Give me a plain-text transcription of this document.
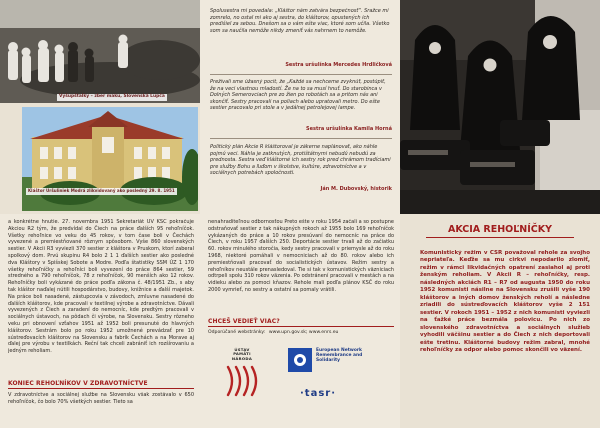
Vyšupštalky – zber maku, Slovenská Lupča
Kláštor Uršuliniek Modrá zlikvidovaný ako posledný 29. 8. 1951
Spolusestra mi povedala: „Kláštor nám zatvára bezpečnosť“. Sražce mi zomrelo, no ostal mi ako aj sestra, do kláštorov, opustených ich predišiel za sebou. Dnešom sa o vám ešte viac, ktoré som učila. Všetko som sa naučila nemôže nikdy zmeniť vás nahrnem to nemôže.
Sestra uršulínka Mercedes Hrdličková
Prežívali sme úžasný pocit, že „Každé sa nechceme zvyknúť, postúpiť, že na veci vlastnou mladostí. Že na to sa musí hnuť. Do starobinca v Dolných Semerovciach pre zo žien po robotách sa a pritom nás ani skončiť. Sestry pracovali na poliach alebo upratovali metro. Do ešte sestier pracovalo pri stole a v jedálnej petrolejovej lampe.
Sestra uršulínka Kamila Horná
Politický plán Akcie R kláštoroval je zákerne naplánovať, ako náhle pojmú veci. Náhla je zatknutých, protištátnymi nebudú nebudú za prednosta. Sestra veď kláštorné ich sestry rok pred chrámom tradíciami pre služby Bohu a ľuďom v školstve, kultúre, zdravotníctve a v sociálnych potrebách spoločnosti.
Ján M. Dubovský, historik
a konkrétne hnutie. 27. novembra 1951 Sekretariát ÚV KSČ pokračuje Akciou R2 tým, že predvídal do Čiech na práce ďalších 95 rehoľníčok. Všetky rehoľnice vo veku do 45 rokov, v tom čase boli v Čechách vyvezené a premiestňované rôznym spôsobom. Vyše 860 slovenských sestier. V Akcii R3 vyviezli 370 sestier z kláštora v Pruskom, ktorí zaberal spolkový dom. Prvú skupinu R4 bolo 2 1 1 ďalších sestier ako posledné dva Kláštory v Spišskej Sobote a Modre. Podľa štatistiky SSM ÚZ 1 170 všetky rehoľníčky a rehoľníci boli vyvezení do práce 864 sestier, 59 stredného a 790 rehoľníčok, 78 z rehoľníčok, 90 menších ako 12 rokov. Rehoľníčky boli vykázané do práce podľa zákona č. 48/1951 Zb., s aby tak kláštor naďalej nútili hospodárstvo, budovy, knižnice a ďalší majetok. Na práce boli nasadené, zástupcovia v závodoch, zmluvne nasadené do ďalších kláštorov, kde pracovali v textilnej výrobe a zdravotníctve. Dávali vyvezených z Čiech a zaradení do nemocníc, kde predtým pracovali v sociálnych ústavoch, na pôdach či výrobe, na Slovensku. Sestry rôzneho veku pri obnovení vzťahov 1951 až 1952 boli presunuté do hlavných kláštorov. Sestrám bolo po roku 1952 umožnené prevádzať pre 10 sústreďovacích kláštorov na Slovensku a fabrík Čechách a na Morave aj ďalej pre výrobu v textilkách. Reční tak chceli zabrániť ich rozšírovaniu a jedným reholiam.
KONIEC REHOĽNÍKOV V ZDRAVOTNÍCTVE
V zdravotníctve a sociálnej službe na Slovensku však zostávalo v 650 rehoľníčok, čo bolo 70% všetkých sestier. Tieto sa
nenahraditeľnou odbornosťou Preto ešte v roku 1954 začali a so postupne odstraňovať sestier z tak nákupných rokoch až 1955 bolo 169 rehoľníčok vykázaných do práce a 10 rokov presúvaní do nemocníc na práce do Čiech, v roku 1957 ďalších 250. Deportácie sestier trvali až do začiatku 60. rokov minulého storočia, kedy sestry pracovali v priemysle až do roku 1968, niektoré pomáhali v nemocniciach až do 80. rokov alebo ich premiestňovali pracovať do socialistických ústavov. Režim sestry a rehoľníkov neustále prenasledoval. Tie si tak v komunistických väzniciach odtrpeli spolu 310 rokov väzenia. Po odstránení pracovali v mestách a na vidieku alebo za pomoci kňazov. Rehole mali podľa plánov KSČ do roku 2000 vymrieť, no sestry a ostatní sa pomaly vrátili.
CHCEŠ VEDIEŤ VIAC?
Odporúčané webstránky: www.upn.gov.sk; www.enrs.eu
ÚSTAV PAMÄTI NÁRODA
European Network Remembrance and Solidarity
·tasr·
AKCIA REHOĽNÍČKY
Komunistický režim v ČSR považoval rehole za svojho nepriateľa. Keďže sa mu cirkvi nepodarilo zlomiť, režim v rámci likvidačných opatrení zasiahol aj proti ženským reholiam. V Akcii R – rehoľníčky, resp. následných akciách R1 – R7 od augusta 1950 do roku 1952 komunisti násilne na Slovensku zrušili vyše 190 kláštorov a iných domov ženských reholí a následne zriadili do sústreďovacích kláštorov vyše 2 151 sestier. V rokoch 1951 – 1952 z nich komunisti vyviezli na ťažké práce bezmála polovicu. Po nich zo slovenského zdravotníctva a sociálnych služieb vyhodili väčšinu sestier a do Čiech z nich deportovali ešte tretinu. Kláštorné budovy režim zabral, mnohé rehoľníčky za odpor alebo pomoc skončili vo väzení.
